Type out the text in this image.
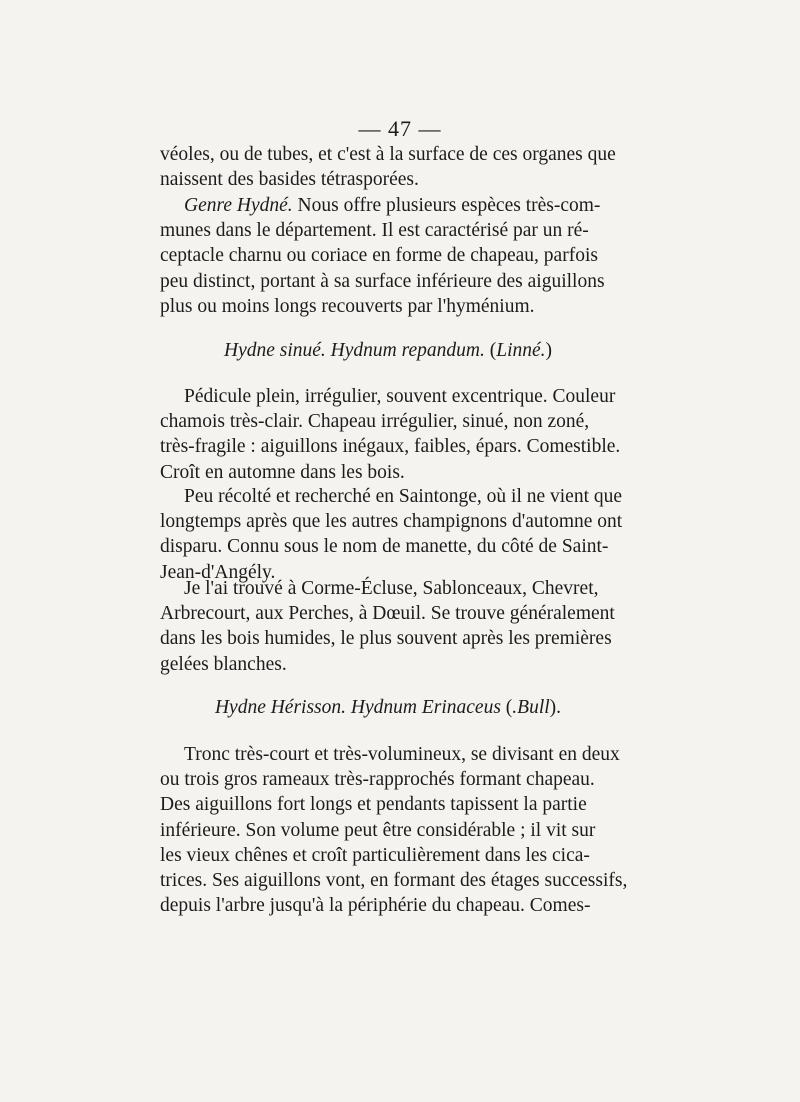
— 47 —
véoles, ou de tubes, et c'est à la surface de ces organes que
naissent des basides tétrasporées.
Genre Hydné. Nous offre plusieurs espèces très-com-
munes dans le département. Il est caractérisé par un ré-
ceptacle charnu ou coriace en forme de chapeau, parfois
peu distinct, portant à sa surface inférieure des aiguillons
plus ou moins longs recouverts par l'hyménium.
Hydne sinué. Hydnum repandum. (Linné.)
Pédicule plein, irrégulier, souvent excentrique. Couleur
chamois très-clair. Chapeau irrégulier, sinué, non zoné,
très-fragile : aiguillons inégaux, faibles, épars. Comestible.
Croît en automne dans les bois.
Peu récolté et recherché en Saintonge, où il ne vient que
longtemps après que les autres champignons d'automne ont
disparu. Connu sous le nom de manette, du côté de Saint-
Jean-d'Angély.
Je l'ai trouvé à Corme-Écluse, Sablonceaux, Chevret,
Arbrecourt, aux Perches, à Dœuil. Se trouve généralement
dans les bois humides, le plus souvent après les premières
gelées blanches.
Hydne Hérisson. Hydnum Erinaceus (.Bull).
Tronc très-court et très-volumineux, se divisant en deux
ou trois gros rameaux très-rapprochés formant chapeau.
Des aiguillons fort longs et pendants tapissent la partie
inférieure. Son volume peut être considérable ; il vit sur
les vieux chênes et croît particulièrement dans les cica-
trices. Ses aiguillons vont, en formant des étages successifs,
depuis l'arbre jusqu'à la périphérie du chapeau. Comes-
